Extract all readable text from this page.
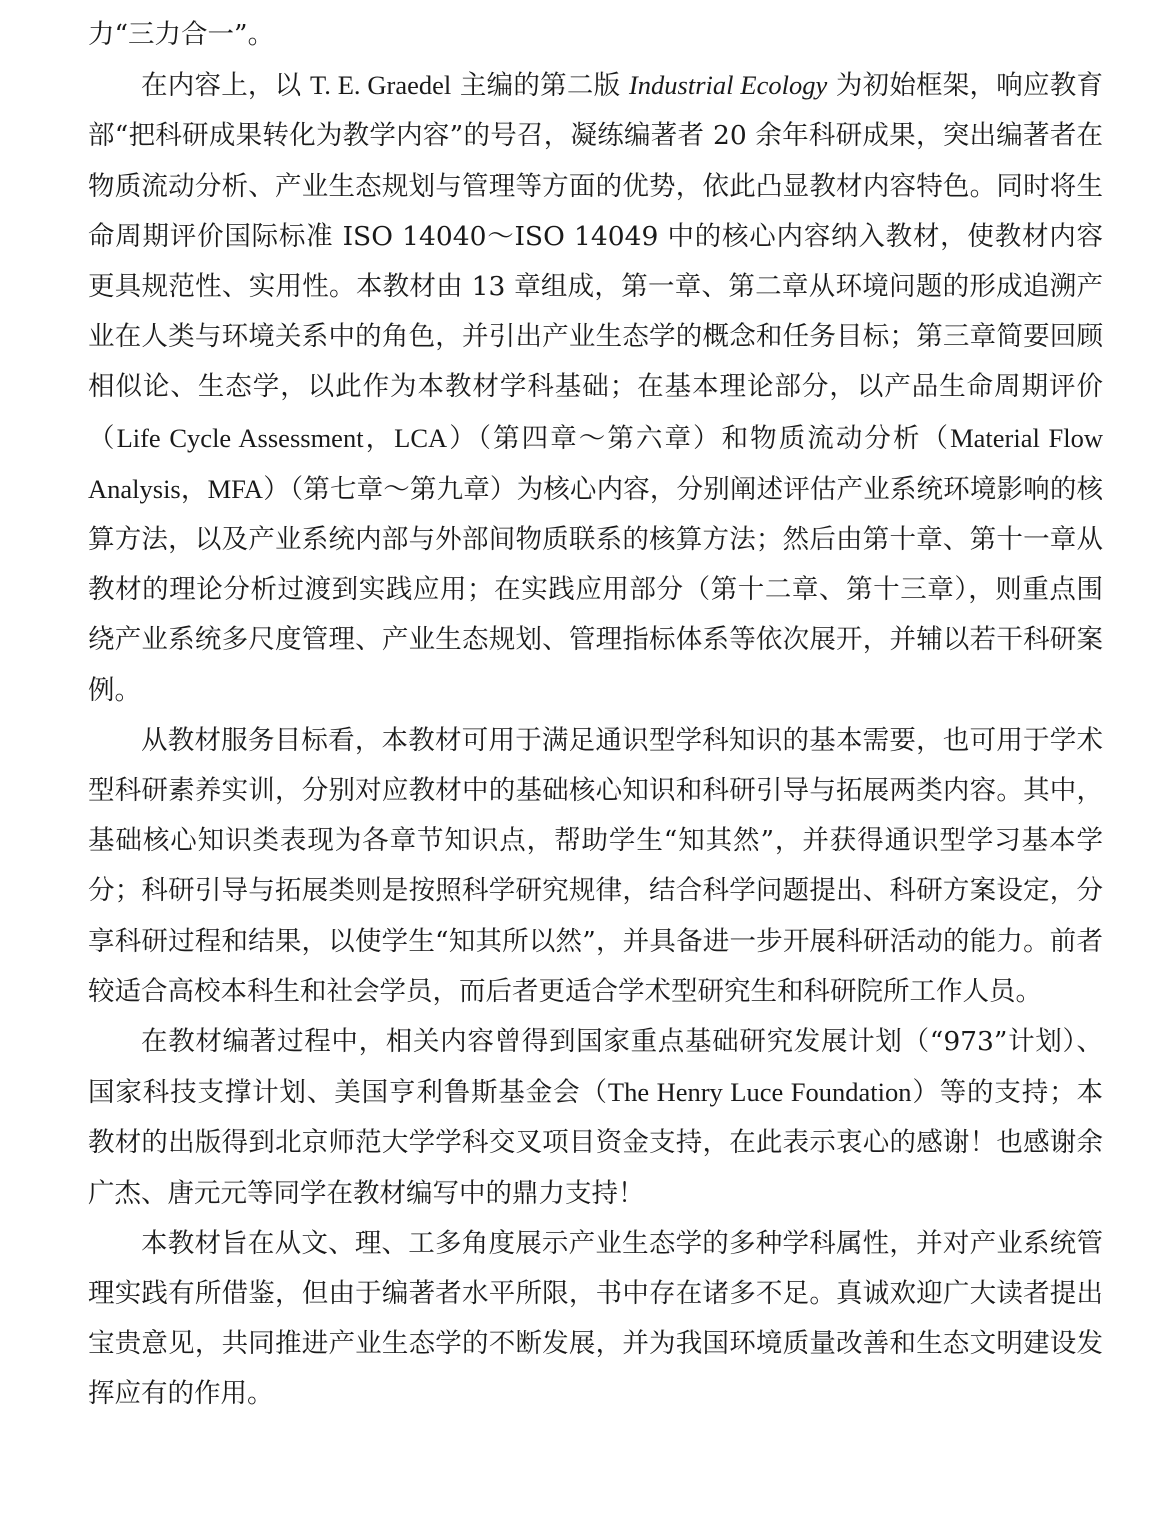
力“三力合一”。

在内容上，以 T. E. Graedel 主编的第二版 Industrial Ecology 为初始框架，响应教育部“把科研成果转化为教学内容”的号召，凝练编著者 20 余年科研成果，突出编著者在物质流动分析、产业生态规划与管理等方面的优势，依此凸显教材内容特色。同时将生命周期评价国际标准 ISO 14040～ISO 14049 中的核心内容纳入教材，使教材内容更具规范性、实用性。本教材由 13 章组成，第一章、第二章从环境问题的形成追溯产业在人类与环境关系中的角色，并引出产业生态学的概念和任务目标；第三章简要回顾相似论、生态学，以此作为本教材学科基础；在基本理论部分，以产品生命周期评价（Life Cycle Assessment，LCA）（第四章～第六章）和物质流动分析（Material Flow Analysis，MFA）（第七章～第九章）为核心内容，分别阐述评估产业系统环境影响的核算方法，以及产业系统内部与外部间物质联系的核算方法；然后由第十章、第十一章从教材的理论分析过渡到实践应用；在实践应用部分（第十二章、第十三章），则重点围绕产业系统多尺度管理、产业生态规划、管理指标体系等依次展开，并辅以若干科研案例。

从教材服务目标看，本教材可用于满足通识型学科知识的基本需要，也可用于学术型科研素养实训，分别对应教材中的基础核心知识和科研引导与拓展两类内容。其中，基础核心知识类表现为各章节知识点，帮助学生“知其然”，并获得通识型学习基本学分；科研引导与拓展类则是按照科学研究规律，结合科学问题提出、科研方案设定，分享科研过程和结果，以使学生“知其所以然”，并具备进一步开展科研活动的能力。前者较适合高校本科生和社会学员，而后者更适合学术型研究生和科研院所工作人员。

在教材编著过程中，相关内容曾得到国家重点基础研究发展计划（“973”计划）、国家科技支撑计划、美国亨利鲁斯基金会（The Henry Luce Foundation）等的支持；本教材的出版得到北京师范大学学科交叉项目资金支持，在此表示衷心的感谢！也感谢余广杰、唐元元等同学在教材编写中的鼎力支持！

本教材旨在从文、理、工多角度展示产业生态学的多种学科属性，并对产业系统管理实践有所借鉴，但由于编著者水平所限，书中存在诸多不足。真诚欢迎广大读者提出宝贵意见，共同推进产业生态学的不断发展，并为我国环境质量改善和生态文明建设发挥应有的作用。
